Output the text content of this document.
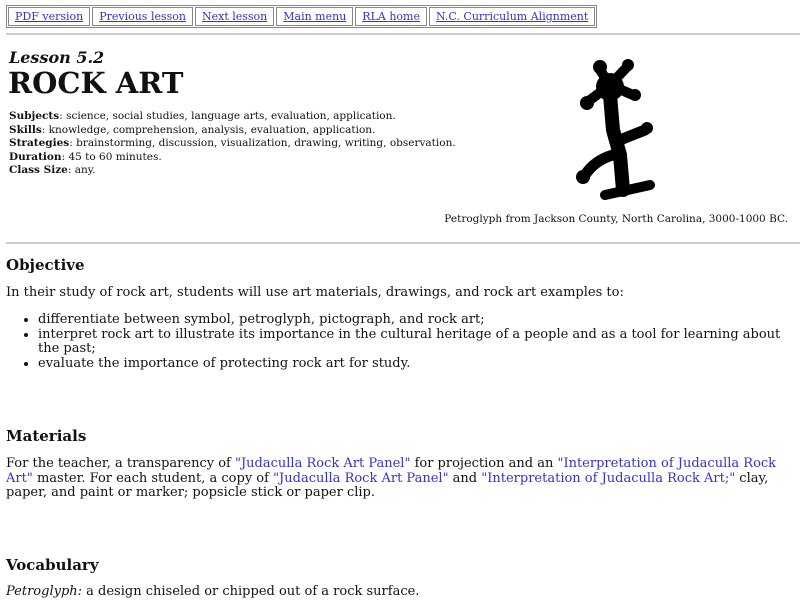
PDF version	Previous lesson	Next lesson	Main menu	RLA home	N.C. Curriculum Alignment
Lesson 5.2
ROCK ART
Subjects: science, social studies, language arts, evaluation, application.
Skills: knowledge, comprehension, analysis, evaluation, application.
Strategies: brainstorming, discussion, visualization, drawing, writing, observation.
Duration: 45 to 60 minutes.
Class Size: any.
Petroglyph from Jackson County, North Carolina, 3000-1000 BC.
Objective
In their study of rock art, students will use art materials, drawings, and rock art examples to:
• differentiate between symbol, petroglyph, pictograph, and rock art;
• interpret rock art to illustrate its importance in the cultural heritage of a people and as a tool for learning about the past;
• evaluate the importance of protecting rock art for study.
Materials
For the teacher, a transparency of "Judaculla Rock Art Panel" for projection and an "Interpretation of Judaculla Rock Art" master. For each student, a copy of "Judaculla Rock Art Panel" and "Interpretation of Judaculla Rock Art;" clay, paper, and paint or marker; popsicle stick or paper clip.
Vocabulary
Petroglyph: a design chiseled or chipped out of a rock surface.
